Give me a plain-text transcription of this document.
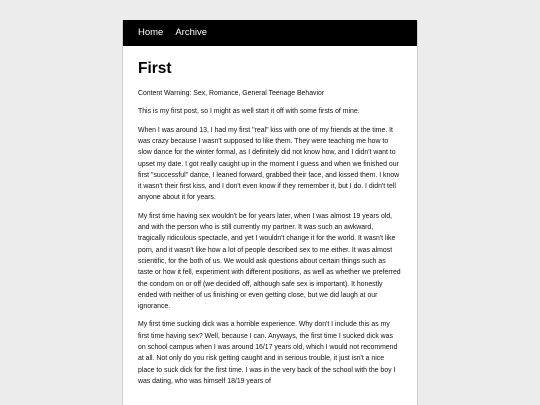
Home Archive
First

Content Warning: Sex, Romance, General Teenage Behavior

This is my first post, so I might as well start it off with some firsts of mine.

When I was around 13, I had my first "real" kiss with one of my friends at the time. It was crazy because I wasn't supposed to like them. They were teaching me how to slow dance for the winter formal, as I definitely did not know how, and I didn't want to upset my date. I got really caught up in the moment I guess and when we finished our first "successful" dance, I leaned forward, grabbed their face, and kissed them. I know it wasn't their first kiss, and I don't even know if they remember it, but I do. I didn't tell anyone about it for years.

My first time having sex wouldn't be for years later, when I was almost 19 years old, and with the person who is still currently my partner. It was such an awkward, tragically ridiculous spectacle, and yet I wouldn't change it for the world. It wasn't like porn, and it wasn't like how a lot of people described sex to me either. It was almost scientific, for the both of us. We would ask questions about certain things such as taste or how it fell, experiment with different positions, as well as whether we preferred the condom on or off (we decided off, although safe sex is important). It honestly ended with neither of us finishing or even getting close, but we did laugh at our ignorance.

My first time sucking dick was a horrible experience. Why don't I include this as my first time having sex? Well, because I can. Anyways, the first time I sucked dick was on school campus when I was around 16/17 years old, which I would not recommend at all. Not only do you risk getting caught and in serious trouble, it just isn't a nice place to suck dick for the first time. I was in the very back of the school with the boy I was dating, who was himself 18/19 years of
